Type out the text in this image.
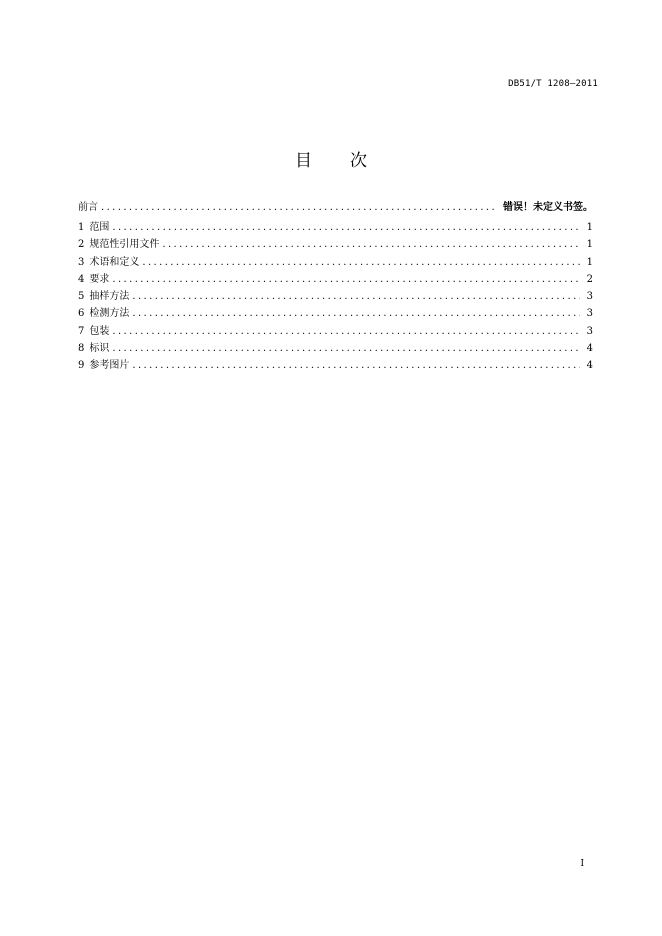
DB51/T 1208—2011
目 次
前言 .....	错误！未定义书签。
1 范围 .....	1
2 规范性引用文件 .....	1
3 术语和定义 .....	1
4 要求 .....	2
5 抽样方法 .....	3
6 检测方法 .....	3
7 包装 .....	3
8 标识 .....	4
9 参考图片 .....	4
I
